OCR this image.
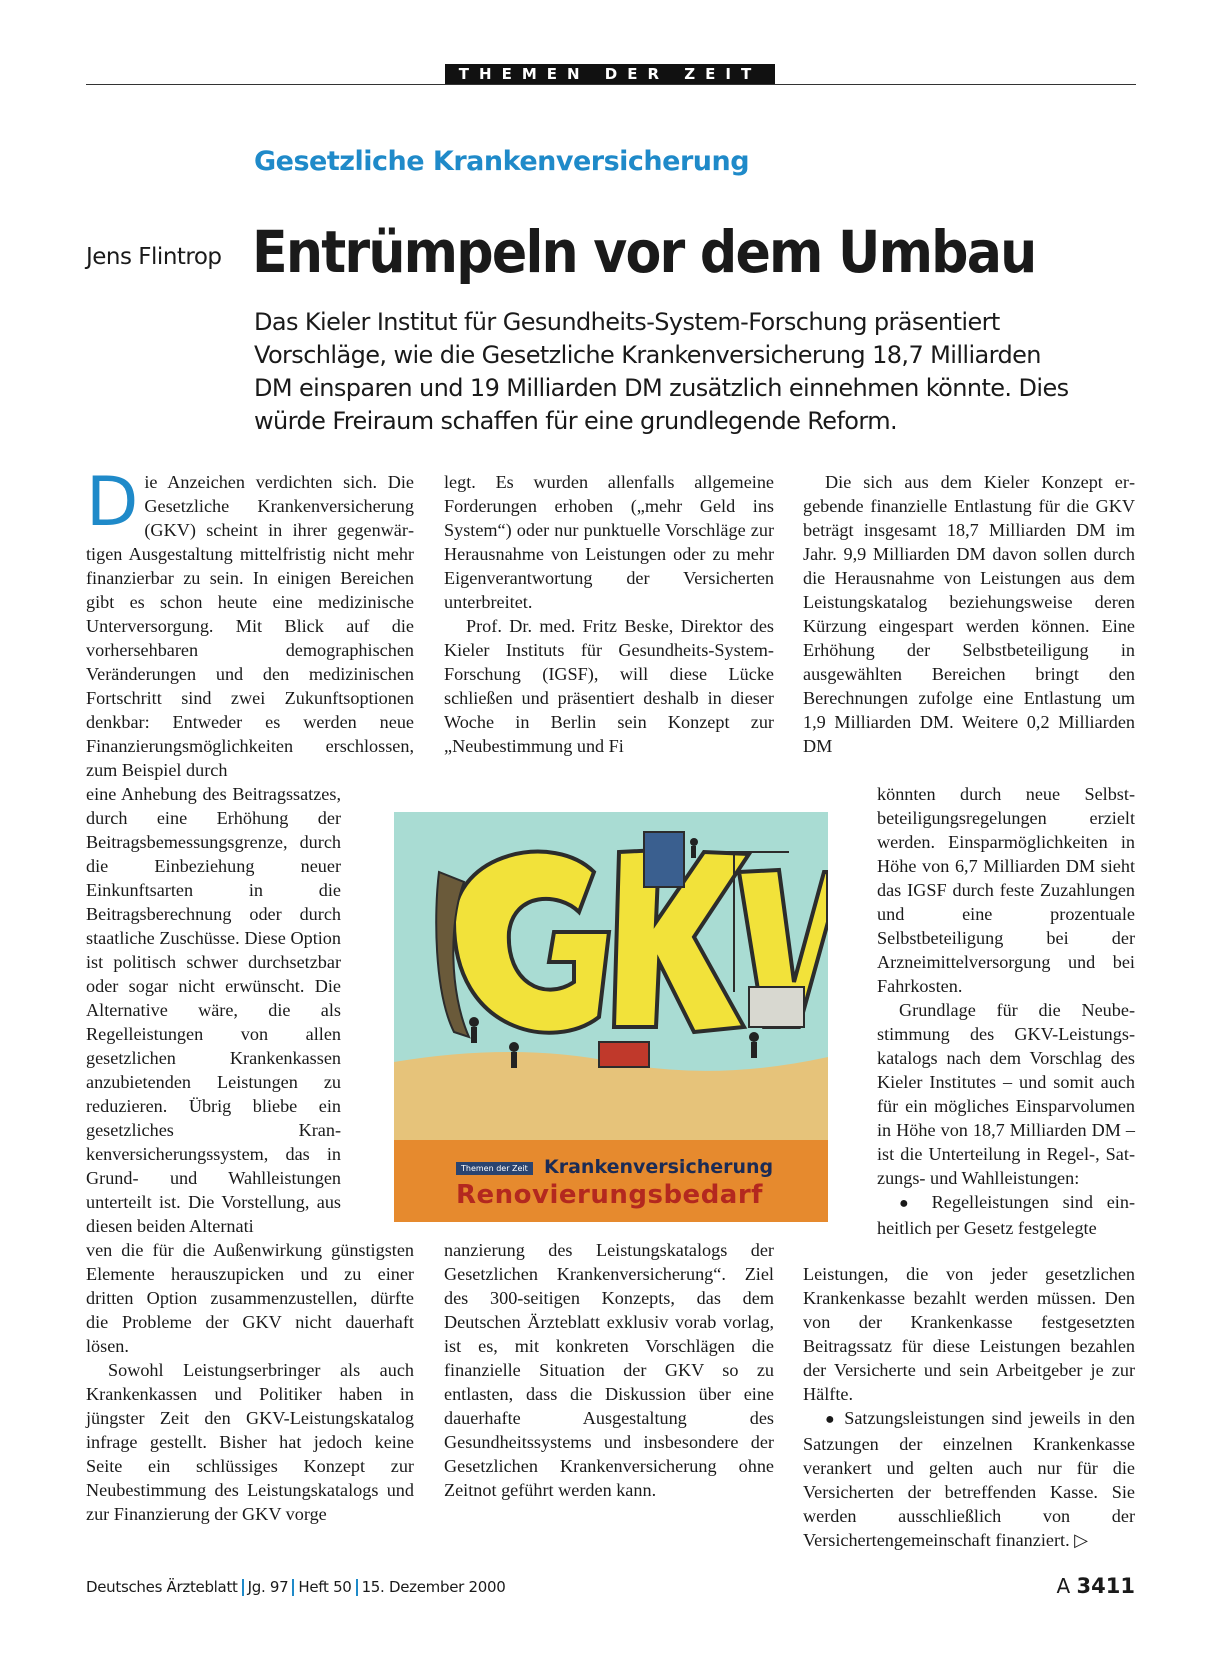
THEMEN DER ZEIT
Gesetzliche Krankenversicherung
Jens Flintrop Entrümpeln vor dem Umbau
Das Kieler Institut für Gesundheits-System-Forschung präsentiert Vorschläge, wie die Gesetzliche Krankenversicherung 18,7 Milliarden DM einsparen und 19 Milliarden DM zusätzlich einnehmen könnte. Dies würde Freiraum schaffen für eine grundlegende Reform.
Die Anzeichen verdichten sich. Die Gesetzliche Krankenversicherung (GKV) scheint in ihrer gegenwärtigen Ausgestaltung mittelfristig nicht mehr finanzierbar zu sein. In einigen Bereichen gibt es schon heute eine medizinische Unterversorgung. Mit Blick auf die vorhersehbaren demographischen Veränderungen und den medizinischen Fortschritt sind zwei Zukunftsoptionen denkbar: Entweder es werden neue Finanzierungsmöglichkeiten erschlossen, zum Beispiel durch
eine Anhebung des Beitragssatzes, durch eine Erhöhung der Beitragsbemessungsgrenze, durch die Einbeziehung neuer Einkunftsarten in die Beitragsberechnung oder durch staatliche Zuschüsse. Diese Option ist politisch schwer durchsetzbar oder sogar nicht erwünscht. Die Alternative wäre, die als Regelleistungen von allen gesetzlichen Krankenkassen anzubietenden Leistungen zu reduzieren. Übrig bliebe ein gesetzliches Krankenversicherungssystem, das in Grund- und Wahlleistungen unterteilt ist. Die Vorstellung, aus diesen beiden Alternati
ven die für die Außenwirkung günstigsten Elemente herauszupicken und zu einer dritten Option zusammenzustellen, dürfte die Probleme der GKV nicht dauerhaft lösen.
Sowohl Leistungserbringer als auch Krankenkassen und Politiker haben in jüngster Zeit den GKV-Leistungskatalog infrage gestellt. Bisher hat jedoch keine Seite ein schlüssiges Konzept zur Neubestimmung des Leistungskatalogs und zur Finanzierung der GKV vorge
legt. Es wurden allenfalls allgemeine Forderungen erhoben („mehr Geld ins System“) oder nur punktuelle Vorschläge zur Herausnahme von Leistungen oder zu mehr Eigenverantwortung der Versicherten unterbreitet.
Prof. Dr. med. Fritz Beske, Direktor des Kieler Instituts für Gesundheits-System-Forschung (IGSF), will diese Lücke schließen und präsentiert deshalb in dieser Woche in Berlin sein Konzept zur „Neubestimmung und Fi
nanzierung des Leistungskatalogs der Gesetzlichen Krankenversicherung“. Ziel des 300-seitigen Konzepts, das dem Deutschen Ärzteblatt exklusiv vorab vorlag, ist es, mit konkreten Vorschlägen die finanzielle Situation der GKV so zu entlasten, dass die Diskussion über eine dauerhafte Ausgestaltung des Gesundheitssystems und insbesondere der Gesetzlichen Krankenversicherung ohne Zeitnot geführt werden kann.
Die sich aus dem Kieler Konzept ergebende finanzielle Entlastung für die GKV beträgt insgesamt 18,7 Milliarden DM im Jahr. 9,9 Milliarden DM davon sollen durch die Herausnahme von Leistungen aus dem Leistungskatalog beziehungsweise deren Kürzung eingespart werden können. Eine Erhöhung der Selbstbeteiligung in ausgewählten Bereichen bringt den Berechnungen zufolge eine Entlastung um 1,9 Milliarden DM. Weitere 0,2 Milliarden DM
könnten durch neue Selbstbeteiligungsregelungen erzielt werden. Einsparmöglichkeiten in Höhe von 6,7 Milliarden DM sieht das IGSF durch feste Zuzahlungen und eine prozentuale Selbstbeteiligung bei der Arzneimittelversorgung und bei Fahrkosten.
Grundlage für die Neubestimmung des GKV-Leistungskatalogs nach dem Vorschlag des Kieler Institutes – und somit auch für ein mögliches Einsparvolumen in Höhe von 18,7 Milliarden DM – ist die Unterteilung in Regel-, Satzungs- und Wahlleistungen:
● Regelleistungen sind einheitlich per Gesetz festgelegte
Leistungen, die von jeder gesetzlichen Krankenkasse bezahlt werden müssen. Den von der Krankenkasse festgesetzten Beitragssatz für diese Leistungen bezahlen der Versicherte und sein Arbeitgeber je zur Hälfte.
● Satzungsleistungen sind jeweils in den Satzungen der einzelnen Krankenkasse verankert und gelten auch nur für die Versicherten der betreffenden Kasse. Sie werden ausschließlich von der Versichertengemeinschaft finanziert. ▷
Themen der Zeit Krankenversicherung
Renovierungsbedarf
Deutsches Ärzteblatt Jg. 97 Heft 50 15. Dezember 2000	A 3411
